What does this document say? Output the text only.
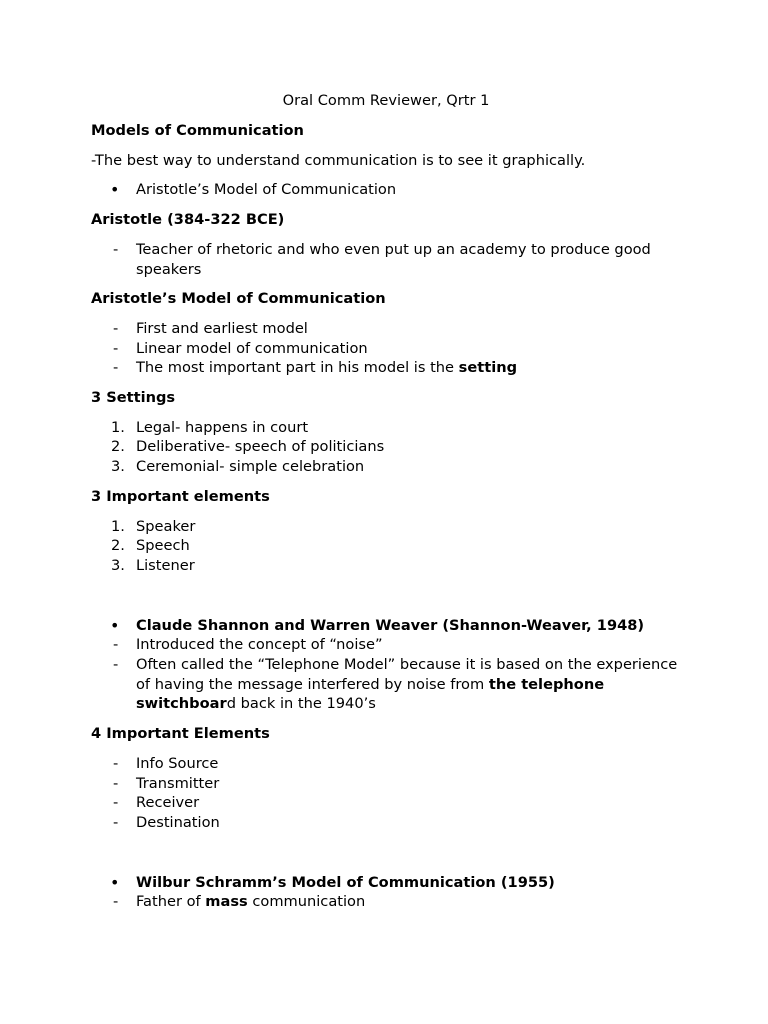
Oral Comm Reviewer, Qrtr 1
Models of Communication
-The best way to understand communication is to see it graphically.
•	Aristotle’s Model of Communication
Aristotle (384-322 BCE)
-	Teacher of rhetoric and who even put up an academy to produce good speakers
Aristotle’s Model of Communication
-	First and earliest model
-	Linear model of communication
-	The most important part in his model is the setting
3 Settings
1. Legal- happens in court
2. Deliberative- speech of politicians
3. Ceremonial- simple celebration
3 Important elements
1. Speaker
2. Speech
3. Listener
•	Claude Shannon and Warren Weaver (Shannon-Weaver, 1948)
-	Introduced the concept of “noise”
-	Often called the “Telephone Model” because it is based on the experience of having the message interfered by noise from the telephone switchboard back in the 1940’s
4 Important Elements
-	Info Source
-	Transmitter
-	Receiver
-	Destination
•	Wilbur Schramm’s Model of Communication (1955)
-	Father of mass communication
